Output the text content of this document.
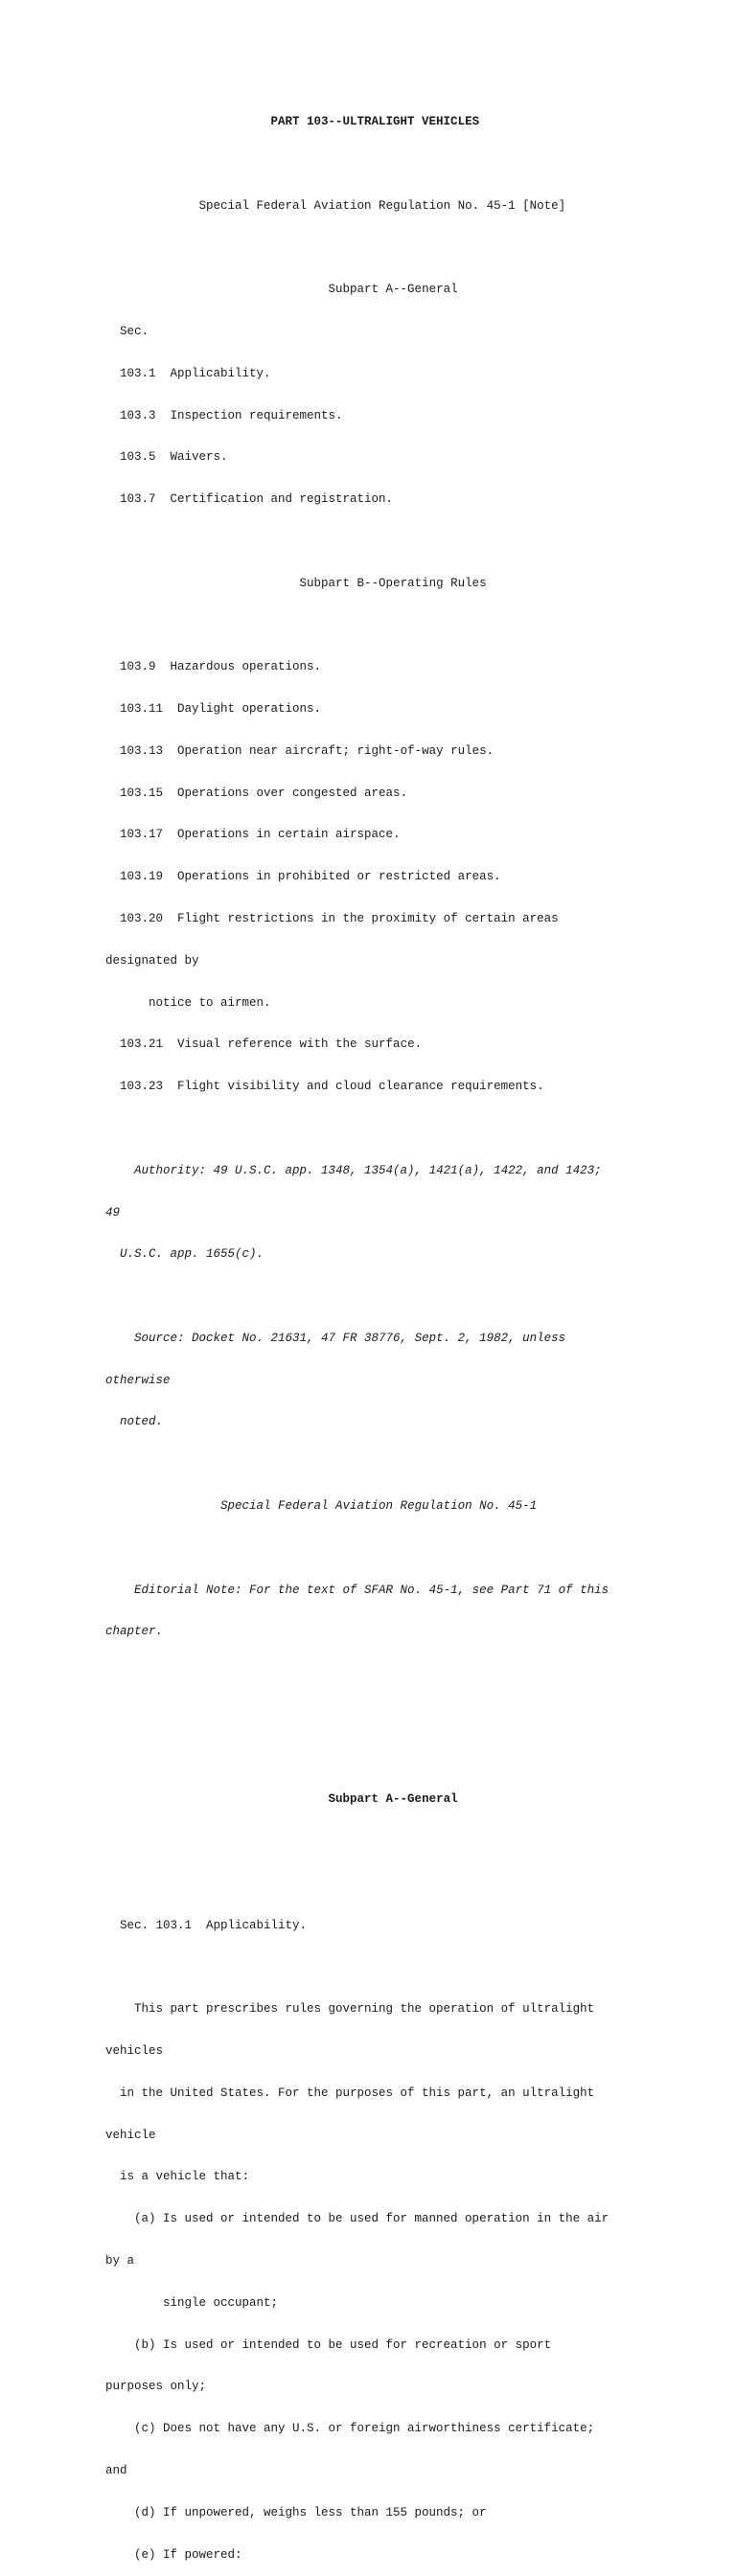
PART 103--ULTRALIGHT VEHICLES

Special Federal Aviation Regulation No. 45-1 [Note]

Subpart A--General

Sec.

103.1  Applicability.

103.3  Inspection requirements.

103.5  Waivers.

103.7  Certification and registration.

Subpart B--Operating Rules

103.9  Hazardous operations.

103.11  Daylight operations.

103.13  Operation near aircraft; right-of-way rules.

103.15  Operations over congested areas.

103.17  Operations in certain airspace.

103.19  Operations in prohibited or restricted areas.

103.20  Flight restrictions in the proximity of certain areas

designated by

notice to airmen.

103.21  Visual reference with the surface.

103.23  Flight visibility and cloud clearance requirements.

Authority: 49 U.S.C. app. 1348, 1354(a), 1421(a), 1422, and 1423;

49

U.S.C. app. 1655(c).

Source: Docket No. 21631, 47 FR 38776, Sept. 2, 1982, unless

otherwise

noted.

Special Federal Aviation Regulation No. 45-1

Editorial Note: For the text of SFAR No. 45-1, see Part 71 of this

chapter.

Subpart A--General

Sec. 103.1  Applicability.

This part prescribes rules governing the operation of ultralight

vehicles

in the United States. For the purposes of this part, an ultralight

vehicle

is a vehicle that:

(a) Is used or intended to be used for manned operation in the air

by a

single occupant;

(b) Is used or intended to be used for recreation or sport

purposes only;

(c) Does not have any U.S. or foreign airworthiness certificate;

and

(d) If unpowered, weighs less than 155 pounds; or

(e) If powered:
